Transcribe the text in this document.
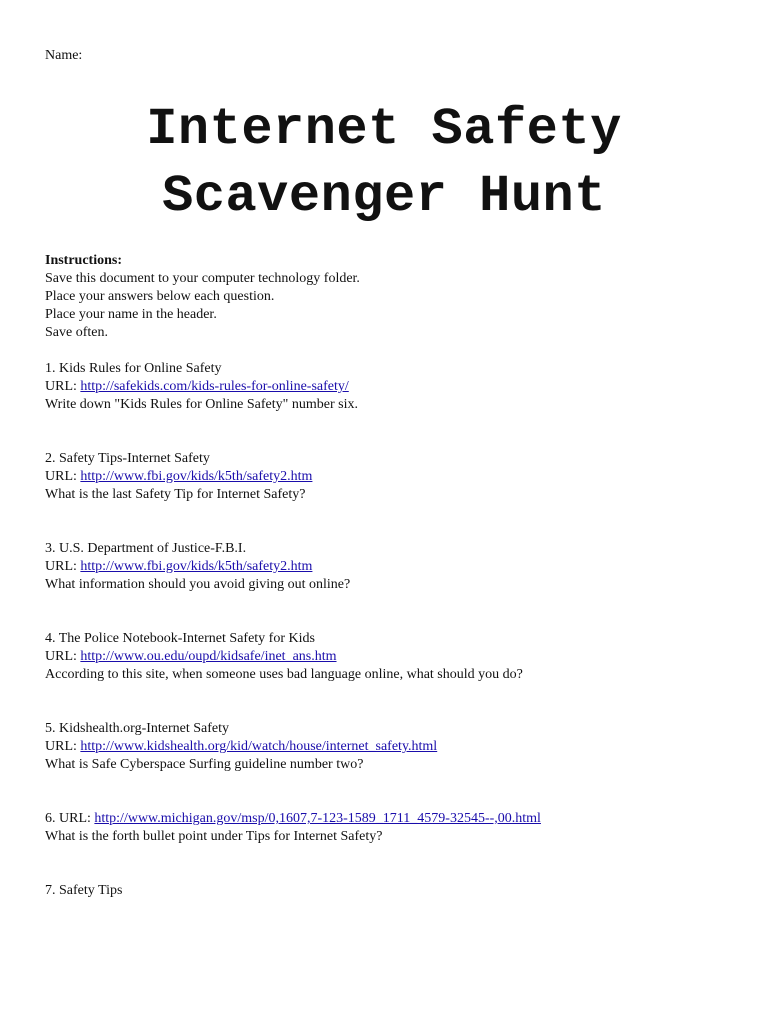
Name:
Internet Safety
Scavenger Hunt
Instructions:
Save this document to your computer technology folder.
Place your answers below each question.
Place your name in the header.
Save often.
1. Kids Rules for Online Safety
URL: http://safekids.com/kids-rules-for-online-safety/
Write down "Kids Rules for Online Safety" number six.
2. Safety Tips-Internet Safety
URL: http://www.fbi.gov/kids/k5th/safety2.htm
What is the last Safety Tip for Internet Safety?
3. U.S. Department of Justice-F.B.I.
URL: http://www.fbi.gov/kids/k5th/safety2.htm
What information should you avoid giving out online?
4. The Police Notebook-Internet Safety for Kids
URL: http://www.ou.edu/oupd/kidsafe/inet_ans.htm
According to this site, when someone uses bad language online, what should you do?
5. Kidshealth.org-Internet Safety
URL: http://www.kidshealth.org/kid/watch/house/internet_safety.html
What is Safe Cyberspace Surfing guideline number two?
6. URL: http://www.michigan.gov/msp/0,1607,7-123-1589_1711_4579-32545--,00.html
What is the forth bullet point under Tips for Internet Safety?
7. Safety Tips
